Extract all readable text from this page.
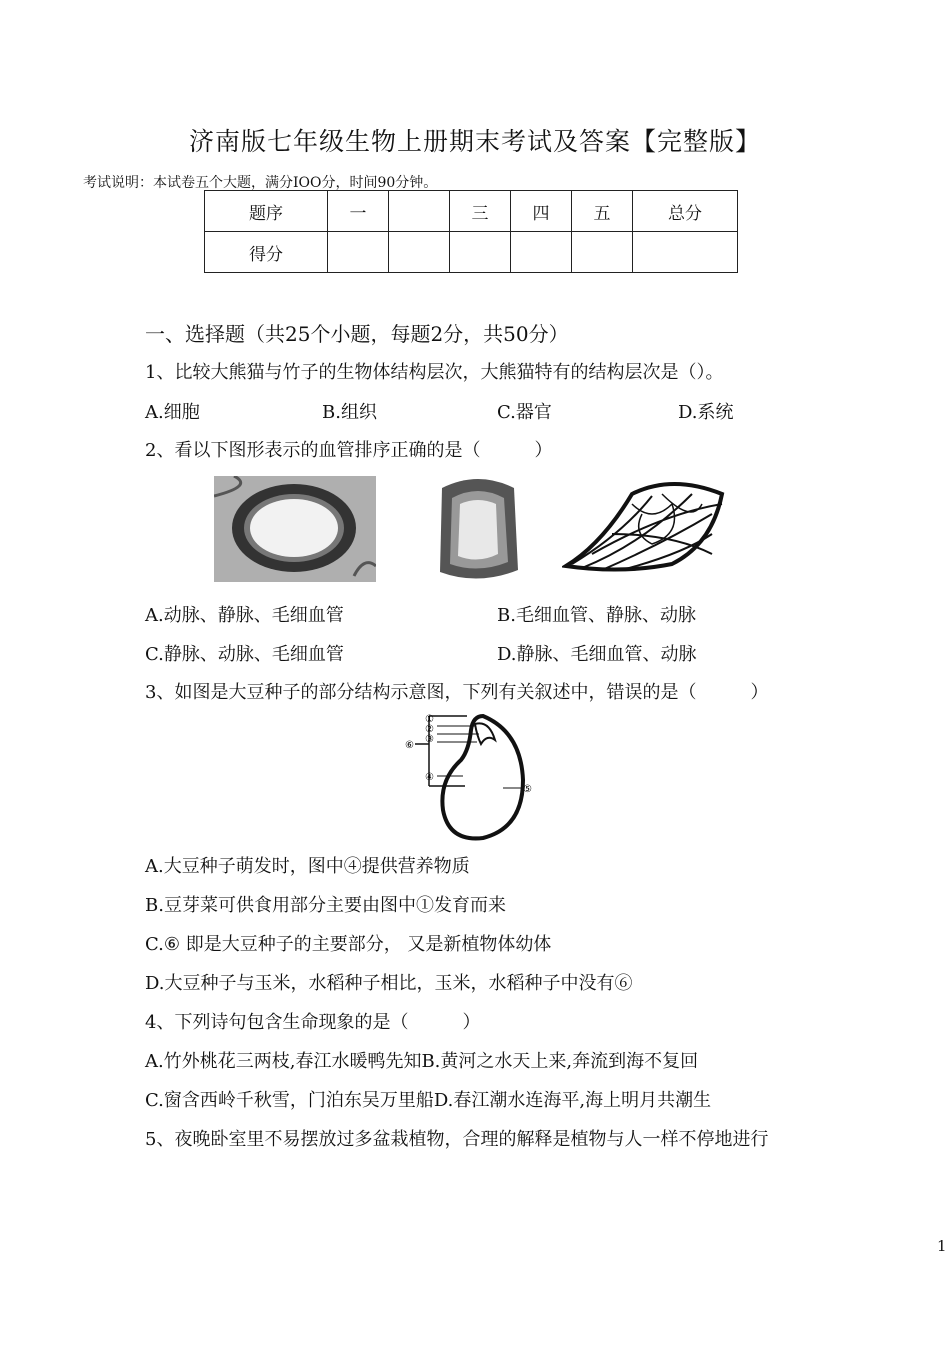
济南版七年级生物上册期末考试及答案【完整版】
考试说明：本试卷五个大题，满分IOO分，时间90分钟。
题序	一		三	四	五	总分
得分						
一、选择题（共25个小题，每题2分，共50分）
1、比较大熊猫与竹子的生物体结构层次，大熊猫特有的结构层次是（）。
A.细胞	B.组织	C.器官	D.系统
2、看以下图形表示的血管排序正确的是（　　　）
A.动脉、静脉、毛细血管	B.毛细血管、静脉、动脉
C.静脉、动脉、毛细血管	D.静脉、毛细血管、动脉
3、如图是大豆种子的部分结构示意图，下列有关叙述中，错误的是（　　　）
①
②
③
④
⑤
⑥
A.大豆种子萌发时，图中④提供营养物质
B.豆芽菜可供食用部分主要由图中①发育而来
C.⑥ 即是大豆种子的主要部分， 又是新植物体幼体
D.大豆种子与玉米，水稻种子相比，玉米，水稻种子中没有⑥
4、下列诗句包含生命现象的是（　　　）
A.竹外桃花三两枝,春江水暖鸭先知B.黄河之水天上来,奔流到海不复回
C.窗含西岭千秋雪，门泊东吴万里船D.春江潮水连海平,海上明月共潮生
5、夜晚卧室里不易摆放过多盆栽植物，合理的解释是植物与人一样不停地进行
1
